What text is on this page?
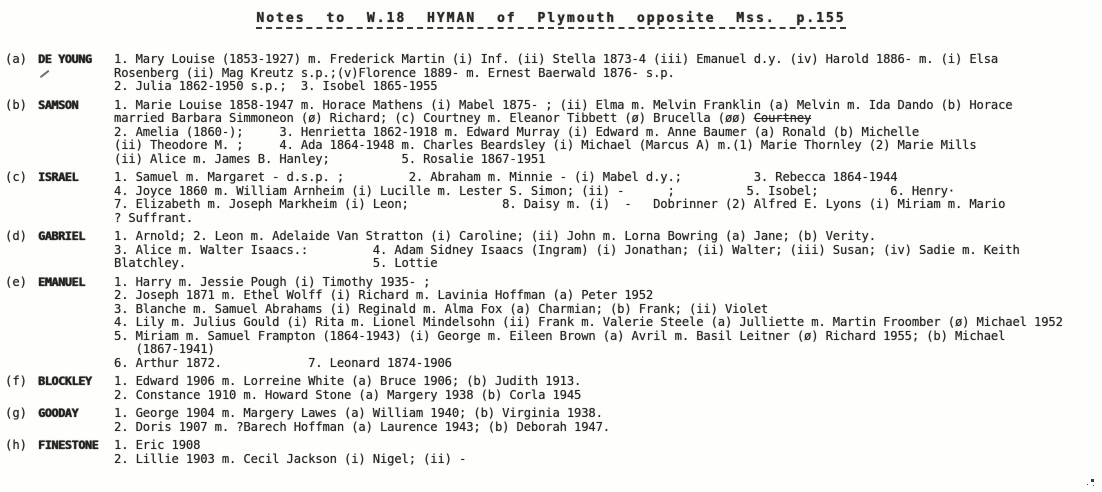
Notes to W.18 HYMAN of Plymouth opposite Mss. p.155
(a) DE YOUNG	1. Mary Louise (1853-1927) m. Frederick Martin (i) Inf. (ii) Stella 1873-4 (iii) Emanuel d.y. (iv) Harold 1886- m. (i) Elsa
Rosenberg (ii) Mag Kreutz s.p.;(v)Florence 1889- m. Ernest Baerwald 1876- s.p.
2. Julia 1862-1950 s.p.;  3. Isobel 1865-1955
(b) SAMSON	1. Marie Louise 1858-1947 m. Horace Mathens (i) Mabel 1875- ; (ii) Elma m. Melvin Franklin (a) Melvin m. Ida Dando (b) Horace
married Barbara Simmoneon (ø) Richard; (c) Courtney m. Eleanor Tibbett (ø) Brucella (øø) Courtney
2. Amelia (1860-);     3. Henrietta 1862-1918 m. Edward Murray (i) Edward m. Anne Baumer (a) Ronald (b) Michelle
(ii) Theodore M. ;     4. Ada 1864-1948 m. Charles Beardsley (i) Michael (Marcus A) m.(1) Marie Thornley (2) Marie Mills
(ii) Alice m. James B. Hanley;          5. Rosalie 1867-1951
(c) ISRAEL	1. Samuel m. Margaret - d.s.p. ;         2. Abraham m. Minnie - (i) Mabel d.y.;          3. Rebecca 1864-1944
4. Joyce 1860 m. William Arnheim (i) Lucille m. Lester S. Simon; (ii) -      ;          5. Isobel;          6. Henry·
7. Elizabeth m. Joseph Markheim (i) Leon;             8. Daisy m. (i)  -   Dobrinner (2) Alfred E. Lyons (i) Miriam m. Mario
? Suffrant.
(d) GABRIEL	1. Arnold; 2. Leon m. Adelaide Van Stratton (i) Caroline; (ii) John m. Lorna Bowring (a) Jane; (b) Verity.
3. Alice m. Walter Isaacs.:         4. Adam Sidney Isaacs (Ingram) (i) Jonathan; (ii) Walter; (iii) Susan; (iv) Sadie m. Keith
Blatchley.                          5. Lottie
(e) EMANUEL	1. Harry m. Jessie Pough (i) Timothy 1935- ;
2. Joseph 1871 m. Ethel Wolff (i) Richard m. Lavinia Hoffman (a) Peter 1952
3. Blanche m. Samuel Abrahams (i) Reginald m. Alma Fox (a) Charmian; (b) Frank; (ii) Violet
4. Lily m. Julius Gould (i) Rita m. Lionel Mindelsohn (ii) Frank m. Valerie Steele (a) Julliette m. Martin Froomber (ø) Michael 1952
5. Miriam m. Samuel Frampton (1864-1943) (i) George m. Eileen Brown (a) Avril m. Basil Leitner (ø) Richard 1955; (b) Michael
(1867-1941)
6. Arthur 1872.            7. Leonard 1874-1906
(f) BLOCKLEY	1. Edward 1906 m. Lorreine White (a) Bruce 1906; (b) Judith 1913.
2. Constance 1910 m. Howard Stone (a) Margery 1938 (b) Corla 1945
(g) GOODAY	1. George 1904 m. Margery Lawes (a) William 1940; (b) Virginia 1938.
2. Doris 1907 m. ?Barech Hoffman (a) Laurence 1943; (b) Deborah 1947.
(h) FINESTONE	1. Eric 1908
2. Lillie 1903 m. Cecil Jackson (i) Nigel; (ii) -
